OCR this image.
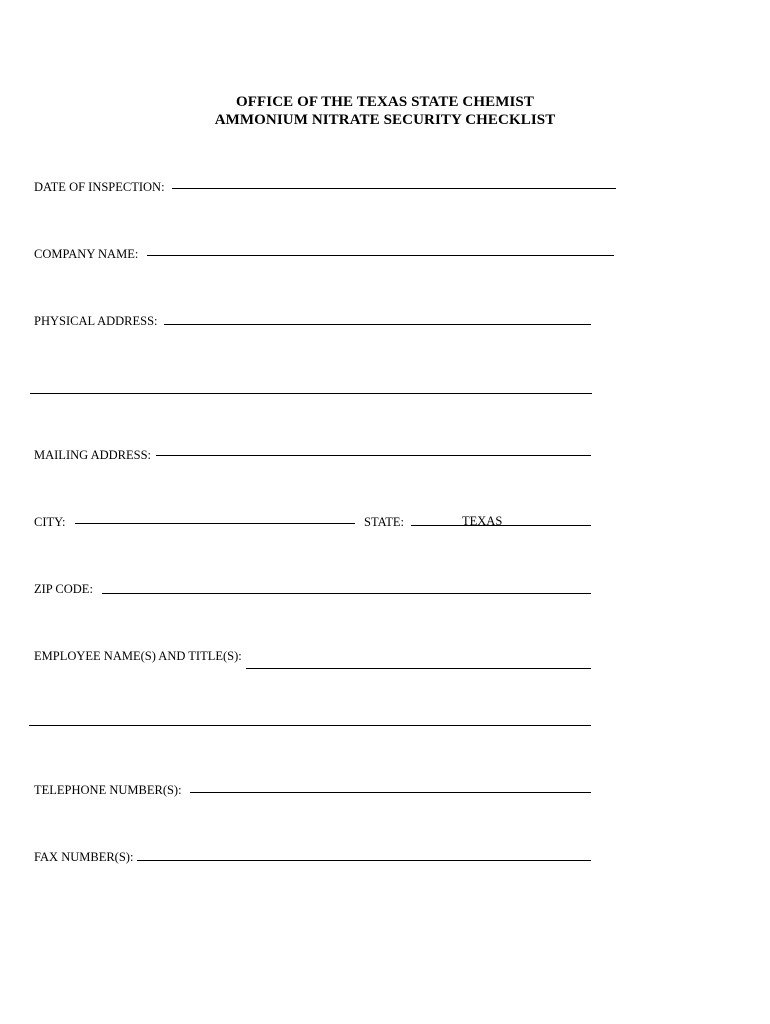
OFFICE OF THE TEXAS STATE CHEMIST
AMMONIUM NITRATE SECURITY CHECKLIST
DATE OF INSPECTION:
COMPANY NAME:
PHYSICAL ADDRESS:
MAILING ADDRESS:
CITY:	STATE:	TEXAS
ZIP CODE:
EMPLOYEE NAME(S) AND TITLE(S):
TELEPHONE NUMBER(S):
FAX NUMBER(S):
